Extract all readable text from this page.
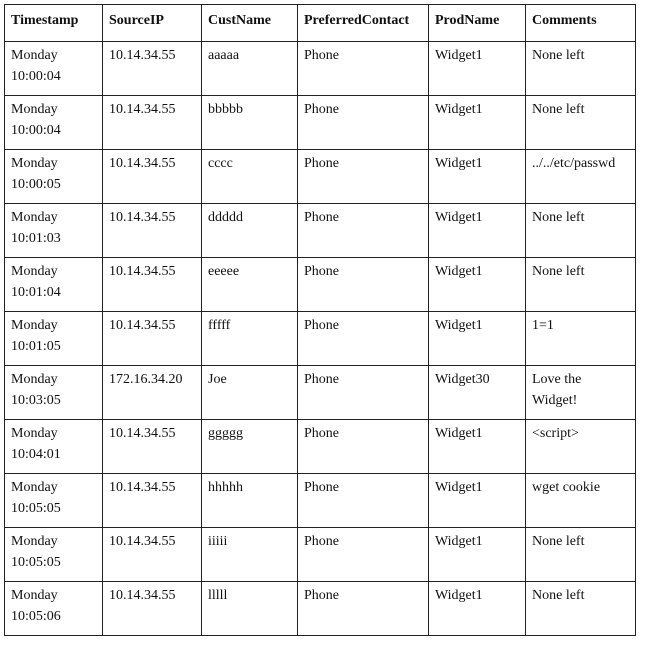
Timestamp	SourceIP	CustName	PreferredContact	ProdName	Comments

Monday
10:00:04	10.14.34.55	aaaaa	Phone	Widget1	None left

Monday
10:00:04	10.14.34.55	bbbbb	Phone	Widget1	None left

Monday
10:00:05	10.14.34.55	cccc	Phone	Widget1	../../etc/passwd

Monday
10:01:03	10.14.34.55	ddddd	Phone	Widget1	None left

Monday
10:01:04	10.14.34.55	eeeee	Phone	Widget1	None left

Monday
10:01:05	10.14.34.55	fffff	Phone	Widget1	1=1

Monday
10:03:05	172.16.34.20	Joe	Phone	Widget30	Love the
Widget!

Monday
10:04:01	10.14.34.55	ggggg	Phone	Widget1	<script>

Monday
10:05:05	10.14.34.55	hhhhh	Phone	Widget1	wget cookie

Monday
10:05:05	10.14.34.55	iiiii	Phone	Widget1	None left

Monday
10:05:06	10.14.34.55	lllll	Phone	Widget1	None left
